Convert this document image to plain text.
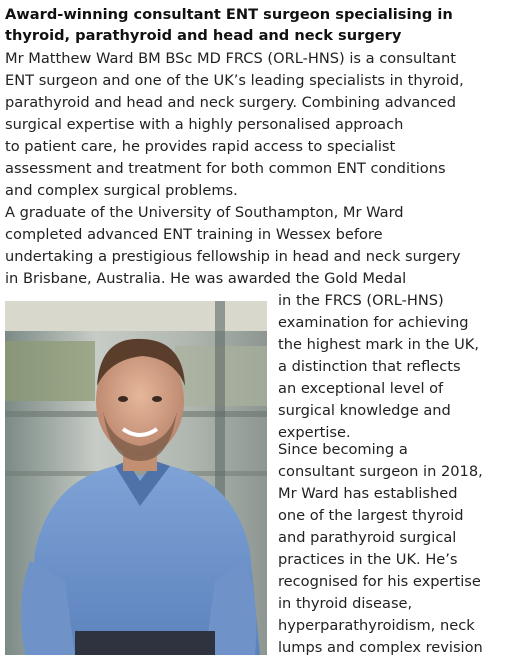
Award-winning consultant ENT surgeon specialising in thyroid, parathyroid and head and neck surgery

Mr Matthew Ward BM BSc MD FRCS (ORL-HNS) is a consultant
ENT surgeon and one of the UK’s leading specialists in thyroid,
parathyroid and head and neck surgery. Combining advanced
surgical expertise with a highly personalised approach
to patient care, he provides rapid access to specialist
assessment and treatment for both common ENT conditions
and complex surgical problems.

A graduate of the University of Southampton, Mr Ward
completed advanced ENT training in Wessex before
undertaking a prestigious fellowship in head and neck surgery
in Brisbane, Australia. He was awarded the Gold Medal

in the FRCS (ORL-HNS)
examination for achieving
the highest mark in the UK,
a distinction that reflects
an exceptional level of
surgical knowledge and
expertise.

Since becoming a
consultant surgeon in 2018,
Mr Ward has established
one of the largest thyroid
and parathyroid surgical
practices in the UK. He’s
recognised for his expertise
in thyroid disease,
hyperparathyroidism, neck
lumps and complex revision
